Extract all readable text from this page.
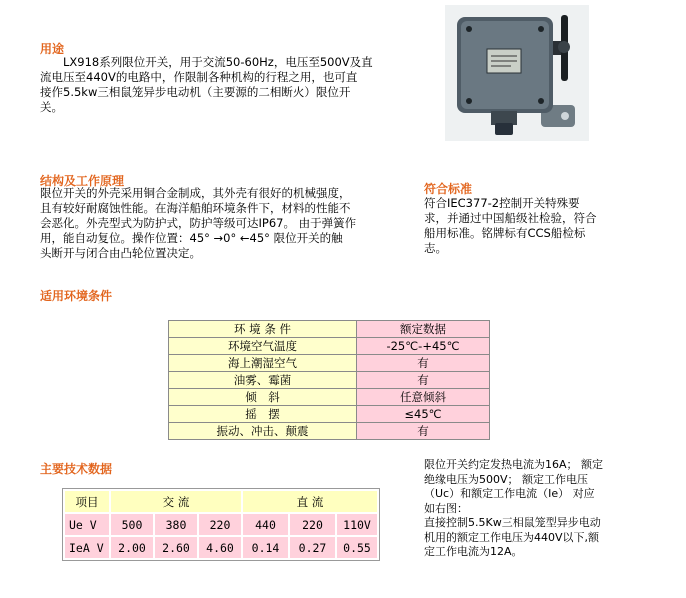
用途
　　LX918系列限位开关，用于交流50-60Hz，电压至500V及直
流电压至440V的电路中，作限制各种机构的行程之用，也可直
接作5.5kw三相鼠笼异步电动机（主要源的二相断火）限位开
关。
结构及工作原理
限位开关的外壳采用铜合金制成，其外壳有很好的机械强度，
且有较好耐腐蚀性能。在海洋船舶环境条件下，材料的性能不
会恶化。外壳型式为防护式，防护等级可达IP67。 由于弹簧作
用，能自动复位。操作位置：45° →0° ←45° 限位开关的触
头断开与闭合由凸轮位置决定。
符合标准
符合IEC377-2控制开关特殊要
求，并通过中国船级社检验，符合
船用标准。铭牌标有CCS船检标
志。
适用环境条件
环 境 条 件	额定数据
环境空气温度	-25℃-+45℃
海上潮湿空气	有
油雾、霉菌	有
倾　斜	任意倾斜
摇　摆	≤45℃
振动、冲击、颠震	有
主要技术数据
项目	交 流			直 流		
Ue V	500	380	220	440	220	110V
IeA V	2.00	2.60	4.60	0.14	0.27	0.55
限位开关约定发热电流为16A； 额定
绝缘电压为500V； 额定工作电压
（Uc）和额定工作电流（Ie） 对应
如右图：
直接控制5.5Kw三相鼠笼型异步电动
机用的额定工作电压为440V以下,额
定工作电流为12A。
